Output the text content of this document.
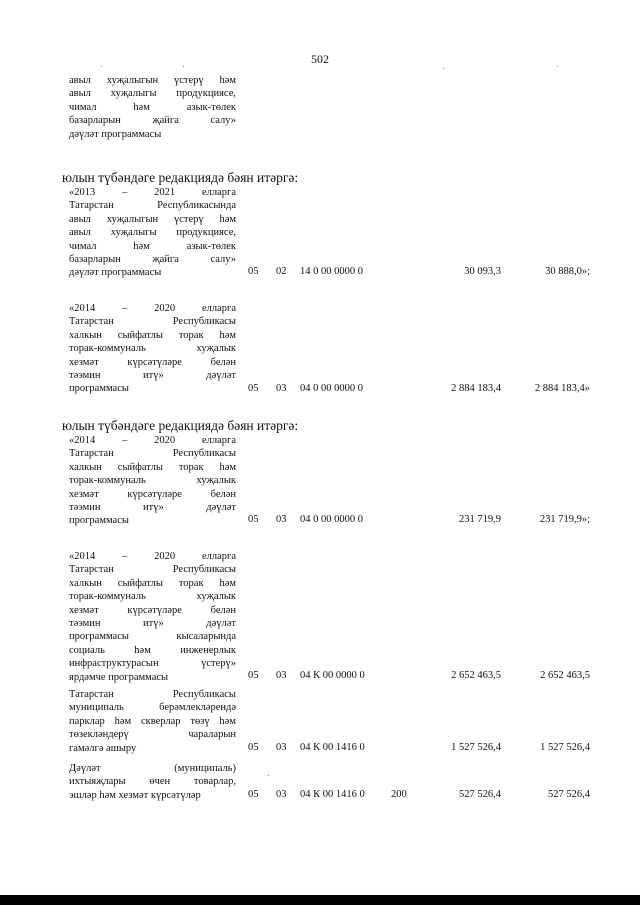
502
авыл хуҗалыгын үстерү һәм
авыл хуҗалыгы продукциясе,
чимал һәм азык-төлек
базарларын җайга салу»
дәүләт программасы
юлын түбәндәге редакциядә бәян итәргә:
«2013 – 2021 елларга
Татарстан Республикасында
авыл хуҗалыгын үстерү һәм
авыл хуҗалыгы продукциясе,
чимал һәм азык-төлек
базарларын җайга салу»
дәүләт программасы	05 02 14 0 00 0000 0	30 093,3	30 888,0»;
«2014 – 2020 елларга
Татарстан Республикасы
халкын сыйфатлы торак һәм
торак-коммуналь хуҗалык
хезмәт күрсәтүләре белән
тәэмин итү» дәүләт
программасы	05 03 04 0 00 0000 0	2 884 183,4	2 884 183,4»
юлын түбәндәге редакциядә бәян итәргә:
«2014 – 2020 елларга
Татарстан Республикасы
халкын сыйфатлы торак һәм
торак-коммуналь хуҗалык
хезмәт күрсәтүләре белән
тәэмин итү» дәүләт
программасы	05 03 04 0 00 0000 0	231 719,9	231 719,9»;
«2014 – 2020 елларга
Татарстан Республикасы
халкын сыйфатлы торак һәм
торак-коммуналь хуҗалык
хезмәт күрсәтүләре белән
тәэмин итү» дәүләт
программасы кысаларында
социаль һәм инженерлык
инфраструктурасын үстерү»
ярдәмче программасы	05 03 04 К 00 0000 0	2 652 463,5	2 652 463,5
Татарстан Республикасы
муниципаль берәмлекләрендә
парклар һәм скверлар төзү һәм
төзекләндерү чараларын
гамәлгә ашыру	05 03 04 К 00 1416 0	1 527 526,4	1 527 526,4
Дәүләт (муниципаль)
ихтыяҗлары өчен товарлар,
эшләр һәм хезмәт күрсәтүләр	05 03 04 К 00 1416 0 200	527 526,4	527 526,4
